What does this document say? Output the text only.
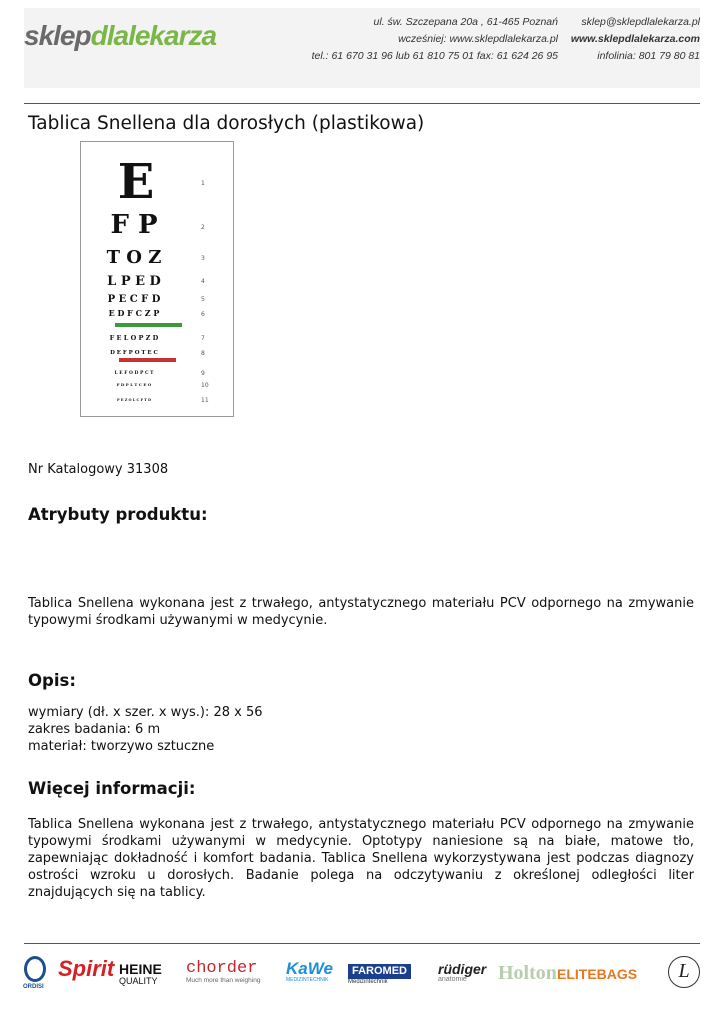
sklepdlalekarza	ul. św. Szczepana 20a , 61-465 Poznań
wcześniej: www.sklepdlalekarza.pl
tel.: 61 670 31 96 lub 61 810 75 01 fax: 61 624 26 95
sklep@sklepdlalekarza.pl
www.sklepdlalekarza.com
infolinia: 801 79 80 81
Tablica Snellena dla dorosłych (plastikowa)
E	1
F P	2
T O Z	3
L P E D	4
P E C F D	5
E D F C Z P	6
F E L O P Z D	7
D E F P O T E C	8
L E F O D P C T	9
F D P L T C E O	10
P E Z O L C F T D	11
Nr Katalogowy 31308
Atrybuty produktu:
Tablica Snellena wykonana jest z trwałego, antystatycznego materiału PCV odpornego na zmywanie typowymi środkami używanymi w medycynie.
Opis:
wymiary (dł. x szer. x wys.): 28 x 56
zakres badania: 6 m
materiał: tworzywo sztuczne
Więcej informacji:
Tablica Snellena wykonana jest z trwałego, antystatycznego materiału PCV odpornego na zmywanie typowymi środkami używanymi w medycynie. Optotypy naniesione są na białe, matowe tło, zapewniając dokładność i komfort badania. Tablica Snellena wykorzystywana jest podczas diagnozy ostrości wzroku u dorosłych. Badanie polega na odczytywaniu z określonej odległości liter znajdujących się na tablicy.
ORDISI
Spirit HEINE
QUALITY
chorder
Much more than weighing
KaWe
MEDIZINTECHNIK
FAROMED
Medizintechnik
rüdiger
anatomie	Holton ELITEBAGS	L
